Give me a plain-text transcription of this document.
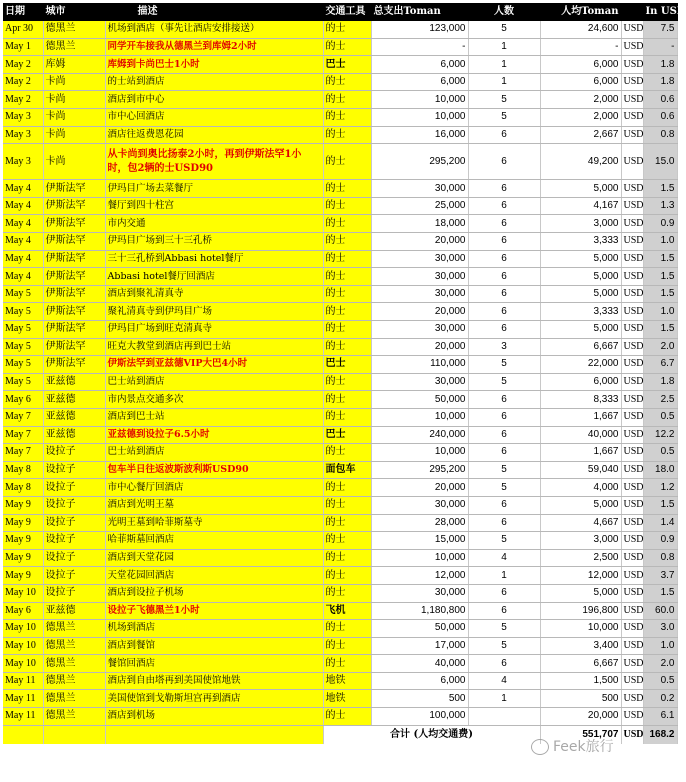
日期	城市	描述	交通工具	总支出Toman	人数	人均Toman		In USD
Apr 30	德黑兰	机场到酒店（事先让酒店安排接送）	的士	123,000	5	24,600	USD	7.5
May 1	德黑兰	同学开车接我从德黑兰到库姆2小时	的士	-	1	-	USD	-
May 2	库姆	库姆到卡尚巴士1小时	巴士	6,000	1	6,000	USD	1.8
May 2	卡尚	的士站到酒店	的士	6,000	1	6,000	USD	1.8
May 2	卡尚	酒店到市中心	的士	10,000	5	2,000	USD	0.6
May 3	卡尚	市中心回酒店	的士	10,000	5	2,000	USD	0.6
May 3	卡尚	酒店往返费恩花园	的士	16,000	6	2,667	USD	0.8
May 3	卡尚	从卡尚到奥比扬泰2小时，再到伊斯法罕1小时，包2辆的士USD90	的士	295,200	6	49,200	USD	15.0
May 4	伊斯法罕	伊玛目广场去菜餐厅	的士	30,000	6	5,000	USD	1.5
May 4	伊斯法罕	餐厅到四十柱宫	的士	25,000	6	4,167	USD	1.3
May 4	伊斯法罕	市内交通	的士	18,000	6	3,000	USD	0.9
May 4	伊斯法罕	伊玛目广场到三十三孔桥	的士	20,000	6	3,333	USD	1.0
May 4	伊斯法罕	三十三孔桥到Abbasi hotel餐厅	的士	30,000	6	5,000	USD	1.5
May 4	伊斯法罕	Abbasi hotel餐厅回酒店	的士	30,000	6	5,000	USD	1.5
May 5	伊斯法罕	酒店到聚礼清真寺	的士	30,000	6	5,000	USD	1.5
May 5	伊斯法罕	聚礼清真寺到伊玛目广场	的士	20,000	6	3,333	USD	1.0
May 5	伊斯法罕	伊玛目广场到旺克清真寺	的士	30,000	6	5,000	USD	1.5
May 5	伊斯法罕	旺克大教堂到酒店再到巴士站	的士	20,000	3	6,667	USD	2.0
May 5	伊斯法罕	伊斯法罕到亚兹德VIP大巴4小时	巴士	110,000	5	22,000	USD	6.7
May 5	亚兹德	巴士站到酒店	的士	30,000	5	6,000	USD	1.8
May 6	亚兹德	市内景点交通多次	的士	50,000	6	8,333	USD	2.5
May 7	亚兹德	酒店到巴士站	的士	10,000	6	1,667	USD	0.5
May 7	亚兹德	亚兹德到设拉子6.5小时	巴士	240,000	6	40,000	USD	12.2
May 7	设拉子	巴士站到酒店	的士	10,000	6	1,667	USD	0.5
May 8	设拉子	包车半日往返波斯波利斯USD90	面包车	295,200	5	59,040	USD	18.0
May 8	设拉子	市中心餐厅回酒店	的士	20,000	5	4,000	USD	1.2
May 9	设拉子	酒店到光明王墓	的士	30,000	6	5,000	USD	1.5
May 9	设拉子	光明王墓到哈菲斯墓寺	的士	28,000	6	4,667	USD	1.4
May 9	设拉子	哈菲斯墓回酒店	的士	15,000	5	3,000	USD	0.9
May 9	设拉子	酒店到天堂花园	的士	10,000	4	2,500	USD	0.8
May 9	设拉子	天堂花园回酒店	的士	12,000	1	12,000	USD	3.7
May 10	设拉子	酒店到设拉子机场	的士	30,000	6	5,000	USD	1.5
May 6	亚兹德	设拉子飞德黑兰1小时	飞机	1,180,800	6	196,800	USD	60.0
May 10	德黑兰	机场到酒店	的士	50,000	5	10,000	USD	3.0
May 10	德黑兰	酒店到餐馆	的士	17,000	5	3,400	USD	1.0
May 10	德黑兰	餐馆回酒店	的士	40,000	6	6,667	USD	2.0
May 11	德黑兰	酒店到自由塔再到美国使馆地铁	地铁	6,000	4	1,500	USD	0.5
May 11	德黑兰	美国使馆到戈勒斯坦宫再到酒店	地铁	500	1	500	USD	0.2
May 11	德黑兰	酒店到机场	的士	100,000		20,000	USD	6.1
			合计 (人均交通费)			551,707	USD	168.2
Feek旅行
